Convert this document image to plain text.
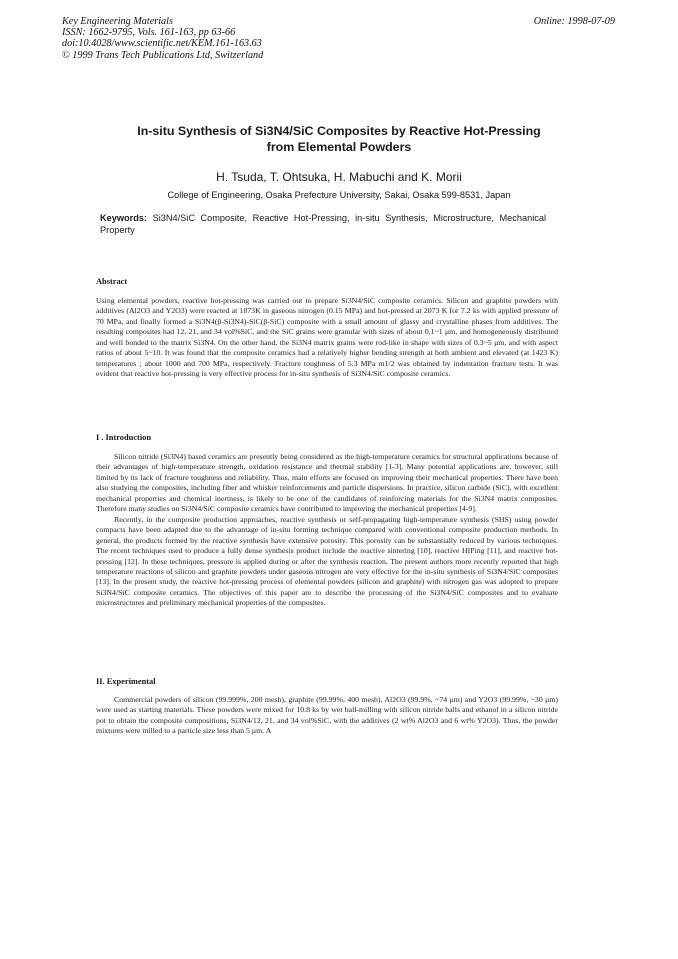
Key Engineering Materials
ISSN: 1662-9795, Vols. 161-163, pp 63-66
doi:10.4028/www.scientific.net/KEM.161-163.63
© 1999 Trans Tech Publications Ltd, Switzerland
Online: 1998-07-09
In-situ Synthesis of Si3N4/SiC Composites by Reactive Hot-Pressing
from Elemental Powders
H. Tsuda, T. Ohtsuka, H. Mabuchi and K. Morii
College of Engineering, Osaka Prefecture University, Sakai, Osaka 599-8531, Japan
Keywords: Si3N4/SiC Composite, Reactive Hot-Pressing, in-situ Synthesis, Microstructure, Mechanical Property
Abstract

Using elemental powders, reactive hot-pressing was carried out to prepare Si3N4/SiC composite ceramics. Silicon and graphite powders with additives (Al2O3 and Y2O3) were reacted at 1873K in gaseous nitrogen (0.15 MPa) and hot-pressed at 2073 K for 7.2 ks with applied pressure of 70 MPa, and finally formed a Si3N4(β-Si3N4)-SiC(β-SiC) composite with a small amount of glassy and crystalline phases from additives. The resulting composites had 12, 21, and 34 vol%SiC, and the SiC grains were granular with sizes of about 0.1~1 μm, and homogeneously distributed and well bonded to the matrix Si3N4. On the other hand, the Si3N4 matrix grains were rod-like in shape with sizes of 0.3~5 μm, and with aspect ratios of about 5~10. It was found that the composite ceramics had a relatively higher bending strength at both ambient and elevated (at 1423 K) temperatures ; about 1000 and 700 MPa, respectively. Fracture toughness of 5.3 MPa m1/2 was obtained by indentation fracture tests. It was evident that reactive hot-pressing is very effective process for in-situ synthesis of Si3N4/SiC composite ceramics.

I . Introduction

Silicon nitride (Si3N4) based ceramics are presently being considered as the high-temperature ceramics for structural applications because of their advantages of high-temperature strength, oxidation resistance and thermal stability [1-3]. Many potential applications are, however, still limited by its lack of fracture toughness and reliability. Thus, main efforts are focused on improving their mechanical properties. There have been also studying the composites, including fiber and whisker reinforcements and particle dispersions. In practice, silicon carbide (SiC), with excellent mechanical properties and chemical inertness, is likely to be one of the candidates of reinforcing materials for the Si3N4 matrix composites. Therefore many studies on Si3N4/SiC composite ceramics have contributed to improving the mechanical properties [4-9].

Recently, in the composite production approaches, reactive synthesis or self-propagating high-temperature synthesis (SHS) using powder compacts have been adapted due to the advantage of in-situ forming technique compared with conventional composite production methods. In general, the products formed by the reactive synthesis have extensive porosity. This porosity can be substantially reduced by various techniques. The recent techniques used to produce a fully dense synthesis product include the reactive sintering [10], reactive HIPing [11], and reactive hot-pressing [12]. In these techniques, pressure is applied during or after the synthesis reaction. The present authors more recently reported that high temperature reactions of silicon and graphite powders under gaseous nitrogen are very effective for the in-situ synthesis of Si3N4/SiC composites [13]. In the present study, the reactive hot-pressing process of elemental powders (silicon and graphite) with nitrogen gas was adopted to prepare Si3N4/SiC composite ceramics. The objectives of this paper are to describe the processing of the Si3N4/SiC composites and to evaluate microstructures and preliminary mechanical properties of the composites.

II. Experimental

Commercial powders of silicon (99.999%, 200 mesh), graphite (99.99%, 400 mesh), Al2O3 (99.9%, ~74 μm) and Y2O3 (99.99%, ~30 μm) were used as starting materials. These powders were mixed for 10.8 ks by wet ball-milling with silicon nitride balls and ethanol in a silicon nitride pot to obtain the composite compositions, Si3N4/12, 21, and 34 vol%SiC, with the additives (2 wt% Al2O3 and 6 wt% Y2O3). Thus, the powder mixtures were milled to a particle size less than 5 μm. A
